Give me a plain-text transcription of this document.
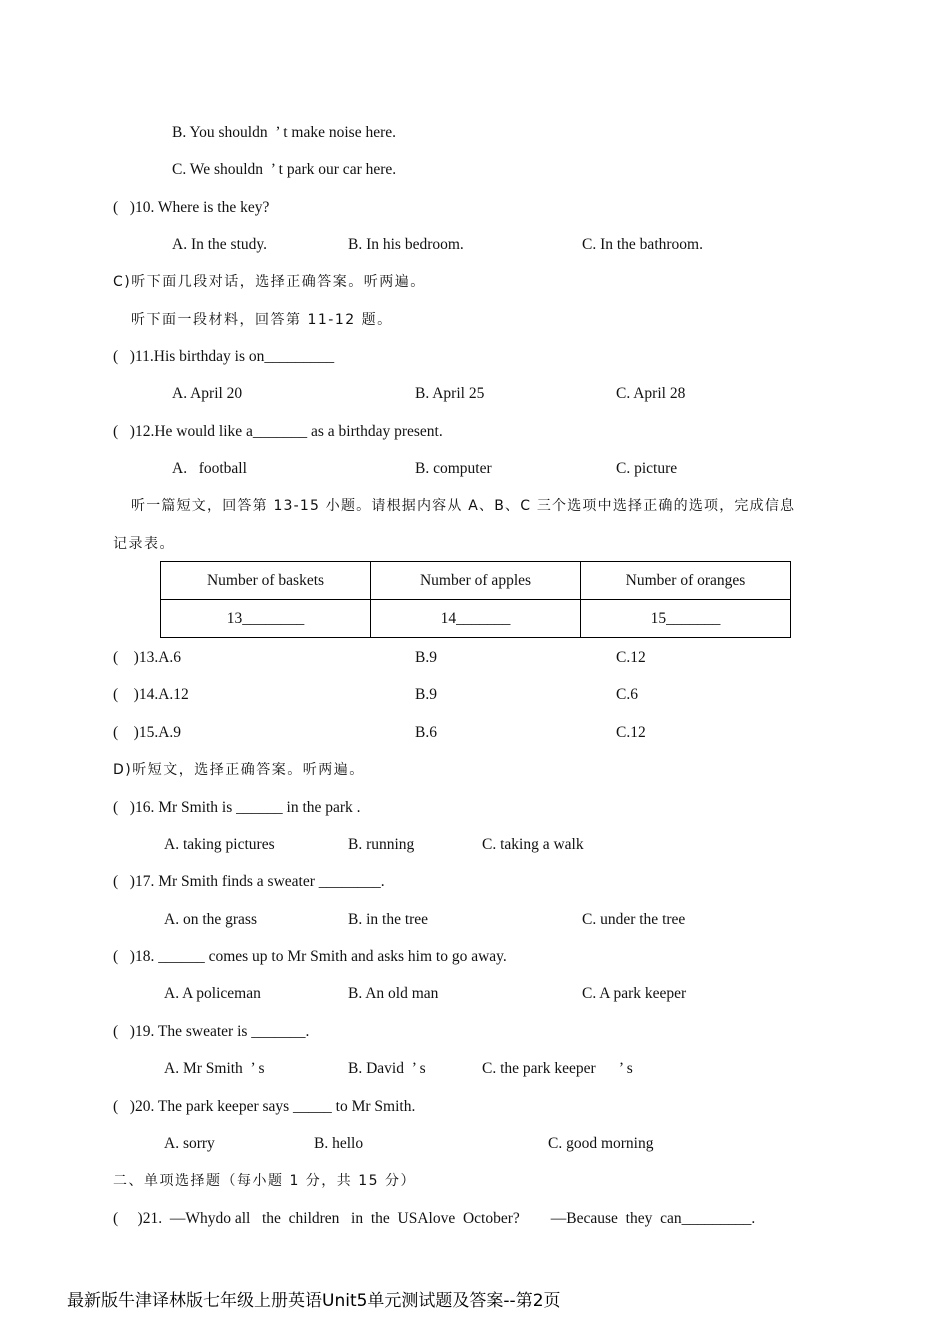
B. You shouldn  ’ t make noise here.
C. We shouldn  ’ t park our car here.
(   )10. Where is the key?
A. In the study.	B. In his bedroom.	C. In the bathroom.
C)听下面几段对话，选择正确答案。听两遍。
听下面一段材料，回答第 11-12 题。
(   )11.His birthday is on_________
A. April 20	B. April 25	C. April 28
(   )12.He would like a_______ as a birthday present.
A.   football	B. computer	C. picture
听一篇短文，回答第 13-15 小题。请根据内容从 A、B、C 三个选项中选择正确的选项，完成信息
记录表。
Number of baskets	Number of apples	Number of oranges
13________	14_______	15_______
(    )13.A.6	B.9	C.12
(    )14.A.12	B.9	C.6
(    )15.A.9	B.6	C.12
D)听短文，选择正确答案。听两遍。
(   )16. Mr Smith is ______ in the park .
A. taking pictures	B. running	C. taking a walk
(   )17. Mr Smith finds a sweater ________.
A. on the grass	B. in the tree	C. under the tree
(   )18. ______ comes up to Mr Smith and asks him to go away.
A. A policeman	B. An old man	C. A park keeper
(   )19. The sweater is _______.
A. Mr Smith  ’ s	B. David  ’ s	C. the park keeper      ’ s
(   )20. The park keeper says _____ to Mr Smith.
A. sorry	B. hello	C. good morning
二、单项选择题（每小题 1 分，共 15 分）
(     )21.  —Whydo all   the  children   in  the  USAlove  October?        —Because  they  can_________.
最新版牛津译林版七年级上册英语Unit5单元测试题及答案--第2页
